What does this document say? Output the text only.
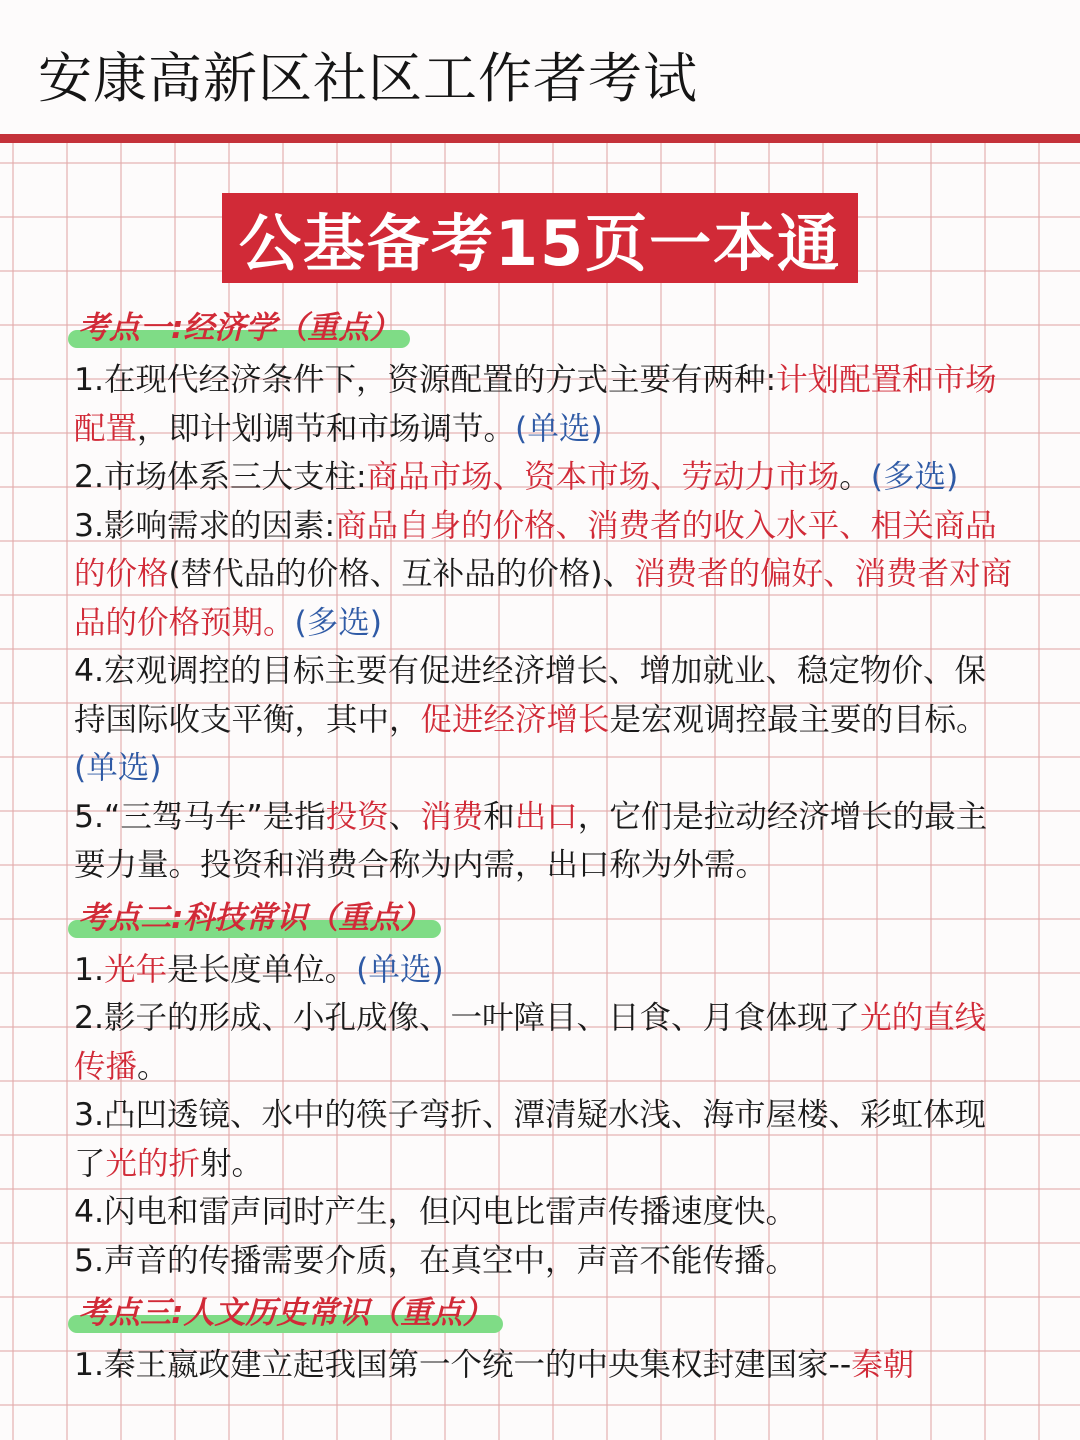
安康高新区社区工作者考试
公基备考15页一本通
考点一:经济学（重点）

1.在现代经济条件下，资源配置的方式主要有两种:计划配置和市场配置，即计划调节和市场调节。(单选)

2.市场体系三大支柱:商品市场、资本市场、劳动力市场。(多选)

3.影响需求的因素:商品自身的价格、消费者的收入水平、相关商品的价格(替代品的价格、互补品的价格)、消费者的偏好、消费者对商品的价格预期。(多选)

4.宏观调控的目标主要有促进经济增长、增加就业、稳定物价、保持国际收支平衡，其中，促进经济增长是宏观调控最主要的目标。(单选)

5.“三驾马车”是指投资、消费和出口，它们是拉动经济增长的最主要力量。投资和消费合称为内需，出口称为外需。

考点二:科技常识（重点）

1.光年是长度单位。(单选)

2.影子的形成、小孔成像、一叶障目、日食、月食体现了光的直线传播。

3.凸凹透镜、水中的筷子弯折、潭清疑水浅、海市屋楼、彩虹体现了光的折射。

4.闪电和雷声同时产生，但闪电比雷声传播速度快。

5.声音的传播需要介质，在真空中，声音不能传播。

考点三:人文历史常识（重点）

1.秦王嬴政建立起我国第一个统一的中央集权封建国家--秦朝
